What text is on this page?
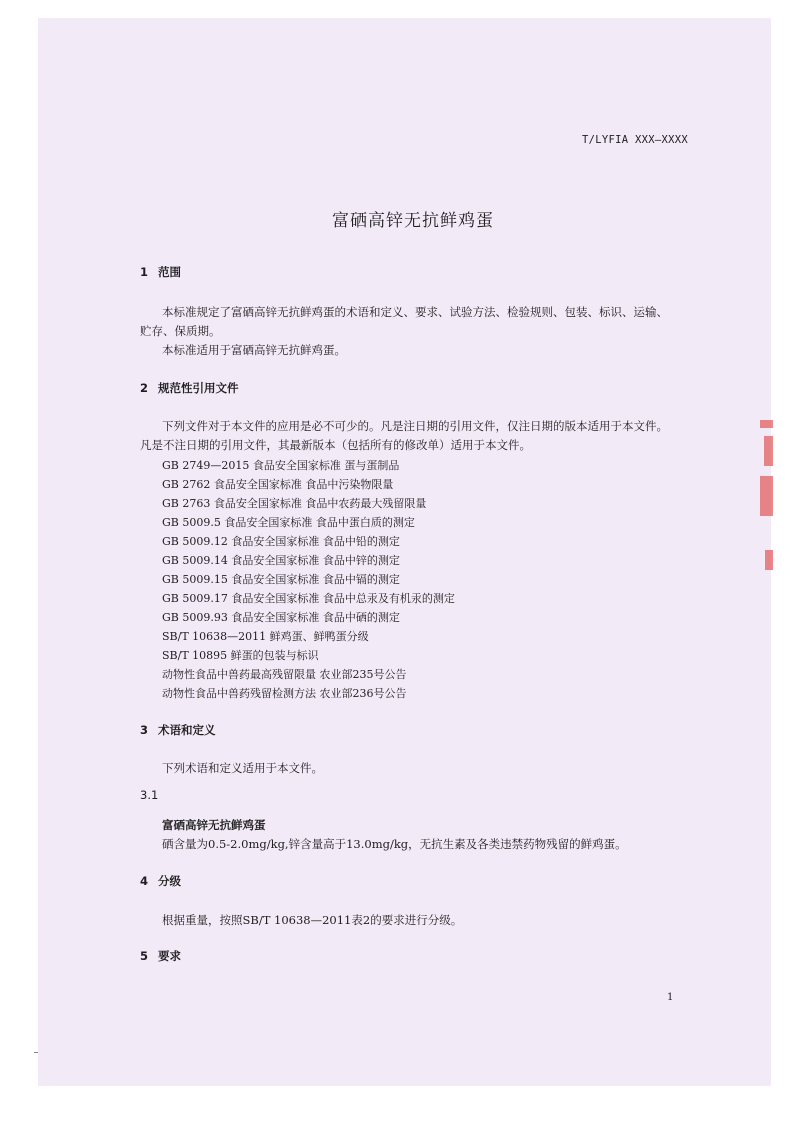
T/LYFIA XXX—XXXX
富硒高锌无抗鲜鸡蛋
1 范围
本标准规定了富硒高锌无抗鲜鸡蛋的术语和定义、要求、试验方法、检验规则、包装、标识、运输、
贮存、保质期。
本标准适用于富硒高锌无抗鲜鸡蛋。
2 规范性引用文件
下列文件对于本文件的应用是必不可少的。凡是注日期的引用文件，仅注日期的版本适用于本文件。
凡是不注日期的引用文件，其最新版本（包括所有的修改单）适用于本文件。
GB 2749—2015 食品安全国家标准 蛋与蛋制品
GB 2762 食品安全国家标准 食品中污染物限量
GB 2763 食品安全国家标准 食品中农药最大残留限量
GB 5009.5 食品安全国家标准 食品中蛋白质的测定
GB 5009.12 食品安全国家标准 食品中铅的测定
GB 5009.14 食品安全国家标准 食品中锌的测定
GB 5009.15 食品安全国家标准 食品中镉的测定
GB 5009.17 食品安全国家标准 食品中总汞及有机汞的测定
GB 5009.93 食品安全国家标准 食品中硒的测定
SB/T 10638—2011 鲜鸡蛋、鲜鸭蛋分级
SB/T 10895 鲜蛋的包装与标识
动物性食品中兽药最高残留限量 农业部235号公告
动物性食品中兽药残留检测方法 农业部236号公告
3 术语和定义
下列术语和定义适用于本文件。
3.1
富硒高锌无抗鲜鸡蛋
硒含量为0.5-2.0mg/kg,锌含量高于13.0mg/kg，无抗生素及各类违禁药物残留的鲜鸡蛋。
4 分级
根据重量，按照SB/T 10638—2011表2的要求进行分级。
5 要求
1
